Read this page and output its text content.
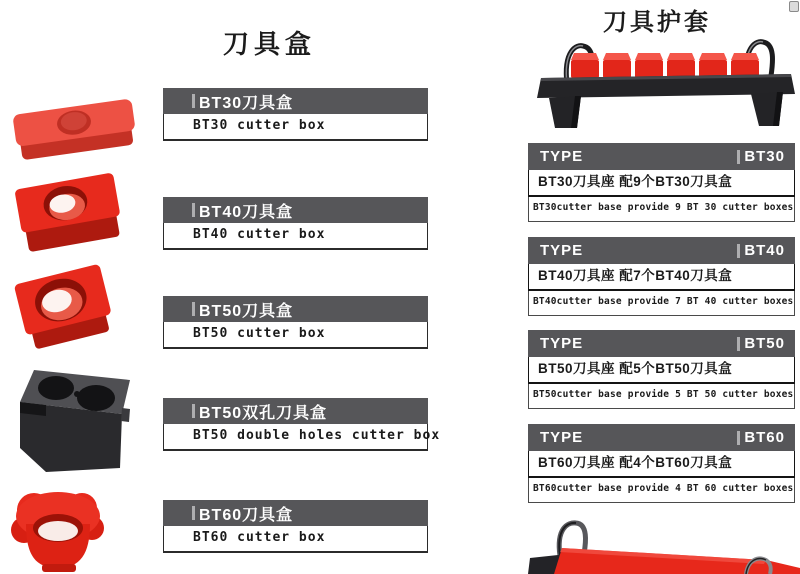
刀具盒
刀具护套
BT30刀具盒
BT30 cutter box
BT40刀具盒
BT40 cutter box
BT50刀具盒
BT50 cutter box
BT50双孔刀具盒
BT50 double holes cutter box
BT60刀具盒
BT60 cutter box
TYPE	BT30
BT30刀具座 配9个BT30刀具盒
BT30cutter base provide 9 BT 30 cutter boxes
TYPE	BT40
BT40刀具座 配7个BT40刀具盒
BT40cutter base provide 7 BT 40 cutter boxes
TYPE	BT50
BT50刀具座 配5个BT50刀具盒
BT50cutter base provide 5 BT 50 cutter boxes
TYPE	BT60
BT60刀具座 配4个BT60刀具盒
BT60cutter base provide 4 BT 60 cutter boxes
